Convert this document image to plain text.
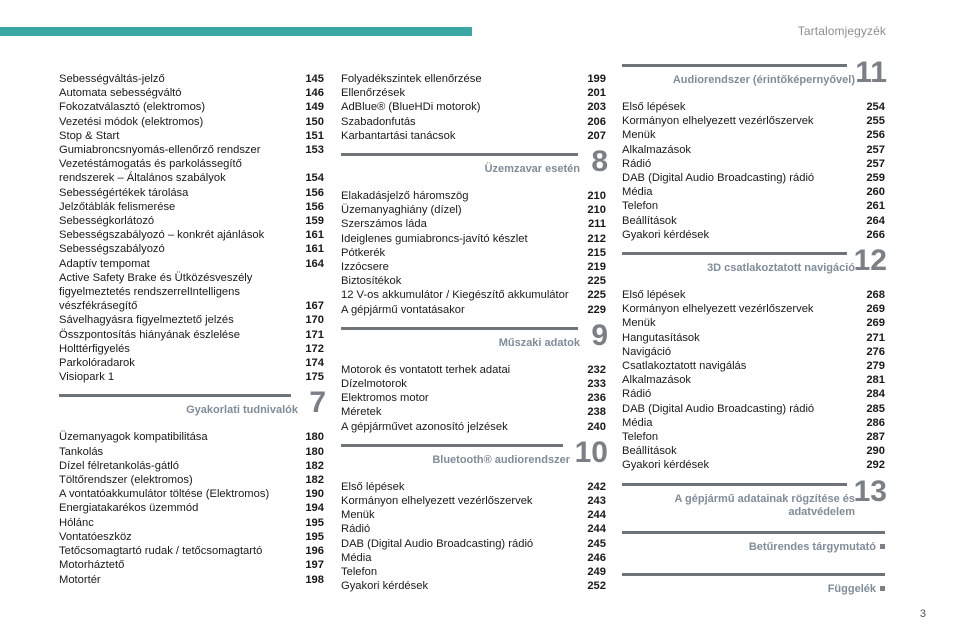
Tartalomjegyzék
Sebességváltás-jelző	145
Automata sebességváltó	146
Fokozatválasztó (elektromos)	149
Vezetési módok (elektromos)	150
Stop & Start	151
Gumiabroncsnyomás-ellenőrző rendszer	153
Vezetéstámogatás és parkolássegítő rendszerek – Általános szabályok	154
Sebességértékek tárolása	156
Jelzőtáblák felismerése	156
Sebességkorlátozó	159
Sebességszabályozó – konkrét ajánlások	161
Sebességszabályozó	161
Adaptív tempomat	164
Active Safety Brake és Ütközésveszély figyelmeztetés rendszerrelIntelligens vészfékrásegítő	167
Sávelhagyásra figyelmeztető jelzés	170
Összpontosítás hiányának észlelése	171
Holttérfigyelés	172
Parkolóradarok	174
Visiopark 1	175
Gyakorlati tudnivalók 7
Üzemanyagok kompatibilitása	180
Tankolás	180
Dízel félretankolás-gátló	182
Töltőrendszer (elektromos)	182
A vontatóakkumulátor töltése (Elektromos)	190
Energiatakarékos üzemmód	194
Hólánc	195
Vontatóeszköz	195
Tetőcsomagtartó rudak / tetőcsomagtartó	196
Motorháztető	197
Motortér	198
Folyadékszintek ellenőrzése	199
Ellenőrzések	201
AdBlue® (BlueHDi motorok)	203
Szabadonfutás	206
Karbantartási tanácsok	207
Üzemzavar esetén 8
Elakadásjelző háromszög	210
Üzemanyaghiány (dízel)	210
Szerszámos láda	211
Ideiglenes gumiabroncs-javító készlet	212
Pótkerék	215
Izzócsere	219
Biztosítékok	225
12 V-os akkumulátor / Kiegészítő akkumulátor	225
A gépjármű vontatásakor	229
Műszaki adatok 9
Motorok és vontatott terhek adatai	232
Dízelmotorok	233
Elektromos motor	236
Méretek	238
A gépjárművet azonosító jelzések	240
Bluetooth® audiorendszer 10
Első lépések	242
Kormányon elhelyezett vezérlőszervek	243
Menük	244
Rádió	244
DAB (Digital Audio Broadcasting) rádió	245
Média	246
Telefon	249
Gyakori kérdések	252
Audiorendszer (érintőképernyővel) 11
Első lépések	254
Kormányon elhelyezett vezérlőszervek	255
Menük	256
Alkalmazások	257
Rádió	257
DAB (Digital Audio Broadcasting) rádió	259
Média	260
Telefon	261
Beállítások	264
Gyakori kérdések	266
3D csatlakoztatott navigáció
12
Első lépések	268
Kormányon elhelyezett vezérlőszervek	269
Menük	269
Hangutasítások	271
Navigáció	276
Csatlakoztatott navigálás	279
Alkalmazások	281
Rádió	284
DAB (Digital Audio Broadcasting) rádió	285
Média	286
Telefon	287
Beállítások	290
Gyakori kérdések	292
A gépjármű adatainak rögzítése és adatvédelem
13
Betűrendes tárgymutató
Függelék
3
